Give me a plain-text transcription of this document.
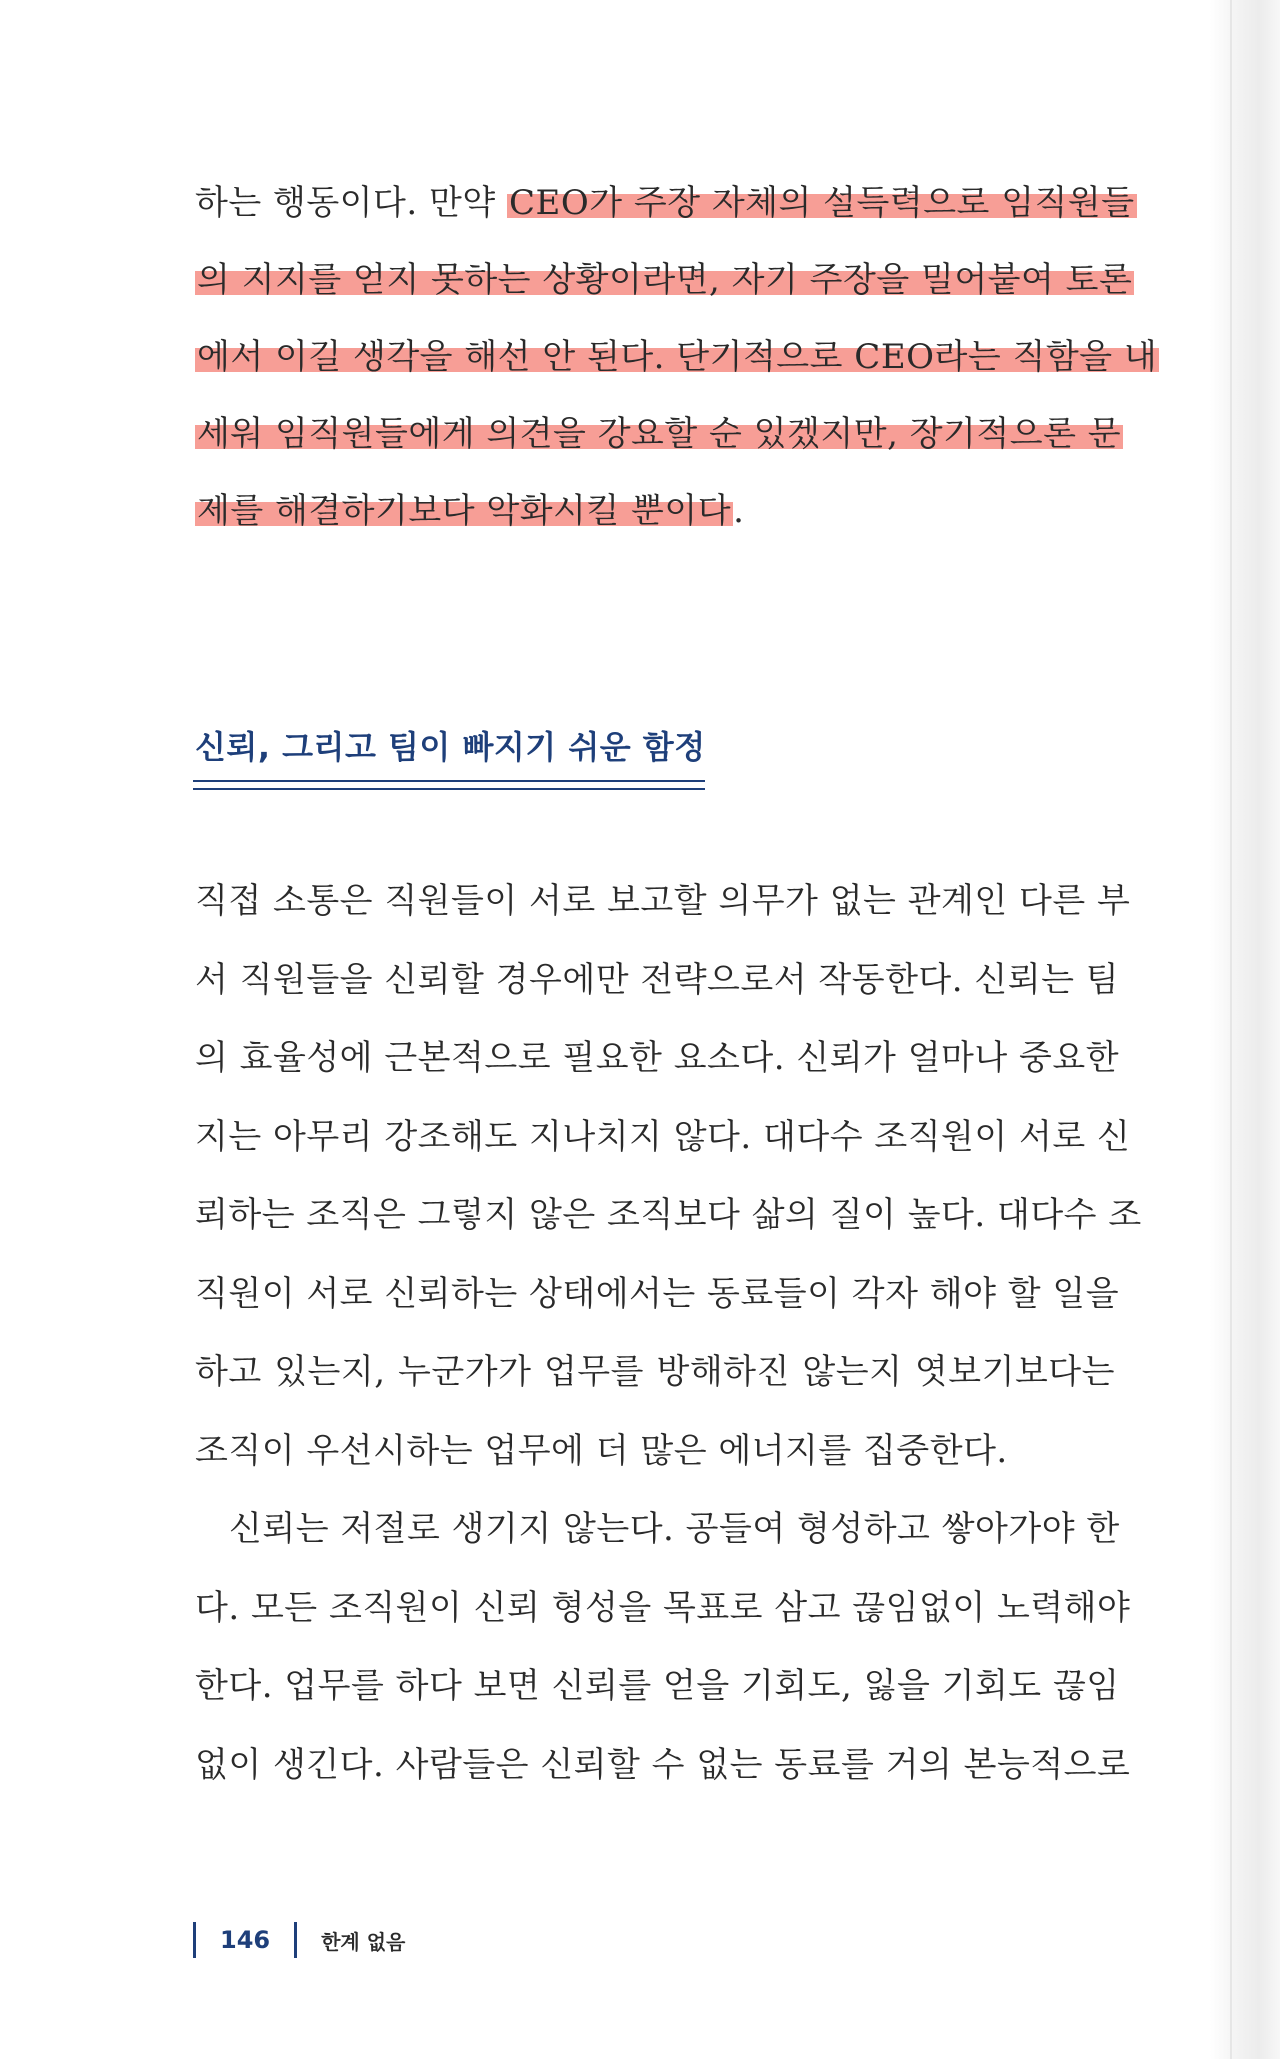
하는 행동이다. 만약 CEO가 주장 자체의 설득력으로 임직원들
의 지지를 얻지 못하는 상황이라면, 자기 주장을 밀어붙여 토론
에서 이길 생각을 해선 안 된다. 단기적으로 CEO라는 직함을 내
세워 임직원들에게 의견을 강요할 순 있겠지만, 장기적으론 문
제를 해결하기보다 악화시킬 뿐이다.
신뢰, 그리고 팀이 빠지기 쉬운 함정
직접 소통은 직원들이 서로 보고할 의무가 없는 관계인 다른 부
서 직원들을 신뢰할 경우에만 전략으로서 작동한다. 신뢰는 팀
의 효율성에 근본적으로 필요한 요소다. 신뢰가 얼마나 중요한
지는 아무리 강조해도 지나치지 않다. 대다수 조직원이 서로 신
뢰하는 조직은 그렇지 않은 조직보다 삶의 질이 높다. 대다수 조
직원이 서로 신뢰하는 상태에서는 동료들이 각자 해야 할 일을
하고 있는지, 누군가가 업무를 방해하진 않는지 엿보기보다는
조직이 우선시하는 업무에 더 많은 에너지를 집중한다.
신뢰는 저절로 생기지 않는다. 공들여 형성하고 쌓아가야 한
다. 모든 조직원이 신뢰 형성을 목표로 삼고 끊임없이 노력해야
한다. 업무를 하다 보면 신뢰를 얻을 기회도, 잃을 기회도 끊임
없이 생긴다. 사람들은 신뢰할 수 없는 동료를 거의 본능적으로
146	한계 없음
